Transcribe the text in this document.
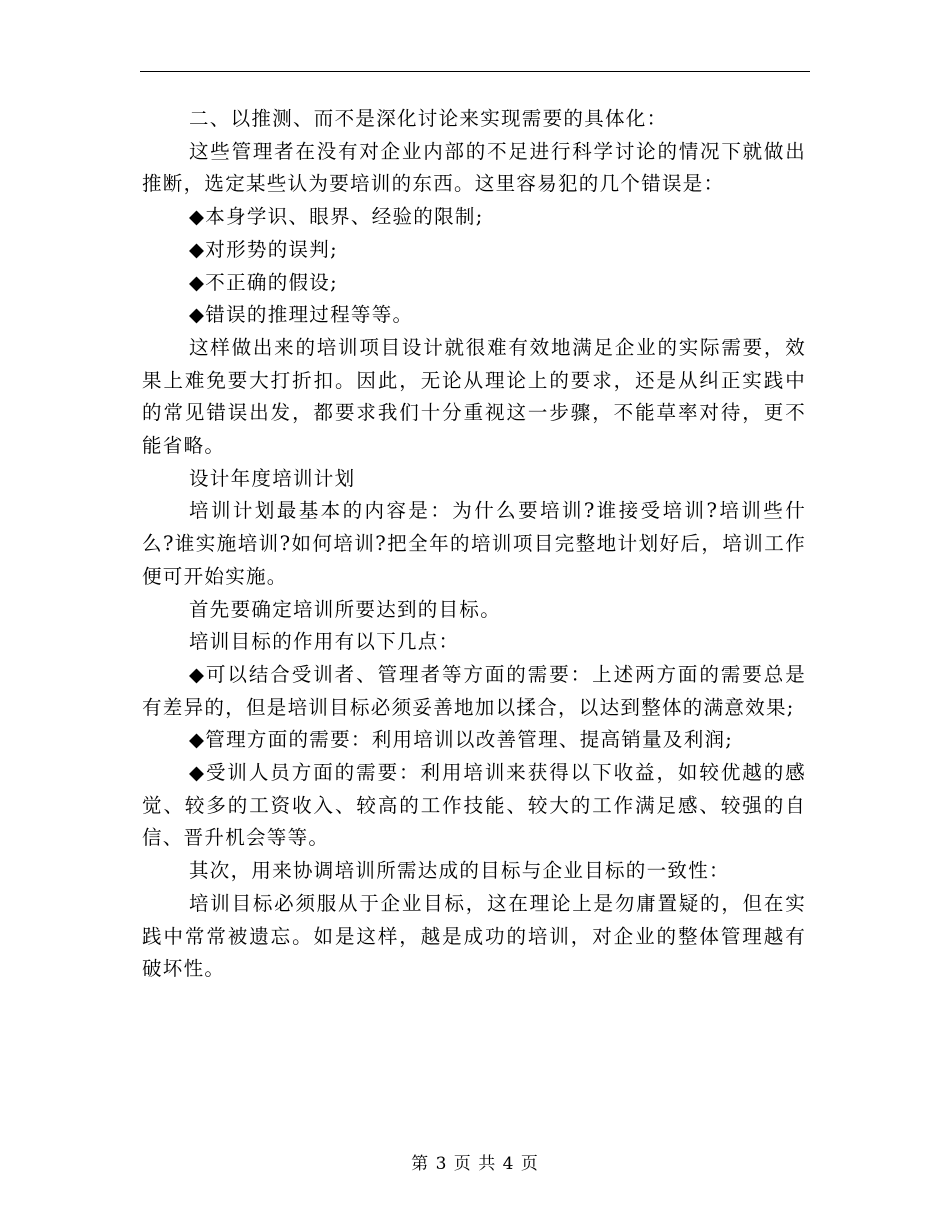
二、以推测、而不是深化讨论来实现需要的具体化：

这些管理者在没有对企业内部的不足进行科学讨论的情况下就做出推断，选定某些认为要培训的东西。这里容易犯的几个错误是：

◆本身学识、眼界、经验的限制;

◆对形势的误判;

◆不正确的假设;

◆错误的推理过程等等。

这样做出来的培训项目设计就很难有效地满足企业的实际需要，效果上难免要大打折扣。因此，无论从理论上的要求，还是从纠正实践中的常见错误出发，都要求我们十分重视这一步骤，不能草率对待，更不能省略。

设计年度培训计划

培训计划最基本的内容是：为什么要培训?谁接受培训?培训些什么?谁实施培训?如何培训?把全年的培训项目完整地计划好后，培训工作便可开始实施。

首先要确定培训所要达到的目标。

培训目标的作用有以下几点：

◆可以结合受训者、管理者等方面的需要：上述两方面的需要总是有差异的，但是培训目标必须妥善地加以揉合，以达到整体的满意效果;

◆管理方面的需要：利用培训以改善管理、提高销量及利润;

◆受训人员方面的需要：利用培训来获得以下收益，如较优越的感觉、较多的工资收入、较高的工作技能、较大的工作满足感、较强的自信、晋升机会等等。

其次，用来协调培训所需达成的目标与企业目标的一致性：

培训目标必须服从于企业目标，这在理论上是勿庸置疑的，但在实践中常常被遗忘。如是这样，越是成功的培训，对企业的整体管理越有破坏性。

第 3 页 共 4 页
